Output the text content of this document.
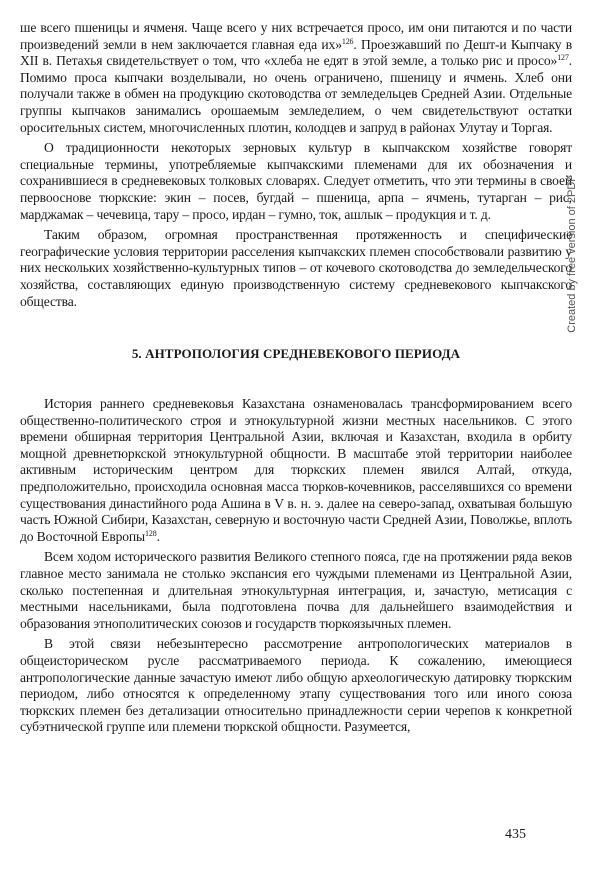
ше всего пшеницы и ячменя. Чаще всего у них встречается просо, им они питаются и по части произведений земли в нем заключается главная еда их»$^{126}$. Проезжавший по Дешт-и Кыпчаку в XII в. Петахья свидетельствует о том, что «хлеба не едят в этой земле, а только рис и просо»$^{127}$. Помимо проса кыпчаки возделывали, но очень ограничено, пшеницу и ячмень. Хлеб они получали также в обмен на продукцию скотоводства от земледельцев Средней Азии. Отдельные группы кыпчаков занимались орошаемым земледелием, о чем свидетельствуют остатки оросительных систем, многочисленных плотин, колодцев и запруд в районах Улутау и Торгая.

О традиционности некоторых зерновых культур в кыпчакском хозяйстве говорят специальные термины, употребляемые кыпчакскими племенами для их обозначения и сохранившиеся в средневековых толковых словарях. Следует отметить, что эти термины в своей первооснове тюркские: экин – посев, бугдай – пшеница, арпа – ячмень, тутарган – рис, марджамак – чечевица, тару – просо, ирдан – гумно, ток, ашлык – продукция и т. д.

Таким образом, огромная пространственная протяженность и специфические географические условия территории расселения кыпчакских племен способствовали развитию у них нескольких хозяйственно-культурных типов – от кочевого скотоводства до земледельческого хозяйства, составляющих единую производственную систему средневекового кыпчакского общества.

5. АНТРОПОЛОГИЯ СРЕДНЕВЕКОВОГО ПЕРИОДА

История раннего средневековья Казахстана ознаменовалась трансформированием всего общественно-политического строя и этнокультурной жизни местных насельников. С этого времени обширная территория Центральной Азии, включая и Казахстан, входила в орбиту мощной древнетюркской этнокультурной общности. В масштабе этой территории наиболее активным историческим центром для тюркских племен явился Алтай, откуда, предположительно, происходила основная масса тюрков-кочевников, расселявшихся со времени существования династийного рода Ашина в V в. н. э. далее на северо-запад, охватывая большую часть Южной Сибири, Казахстан, северную и восточную части Средней Азии, Поволжье, вплоть до Восточной Европы$^{128}$.

Всем ходом исторического развития Великого степного пояса, где на протяжении ряда веков главное место занимала не столько экспансия его чуждыми племенами из Центральной Азии, сколько постепенная и длительная этнокультурная интеграция, и, зачастую, метисация с местными насельниками, была подготовлена почва для дальнейшего взаимодействия и образования этнополитических союзов и государств тюркоязычных племен.

В этой связи небезынтересно рассмотрение антропологических материалов в общеисторическом русле рассматриваемого периода. К сожалению, имеющиеся антропологические данные зачастую имеют либо общую археологическую датировку тюркским периодом, либо относятся к определенному этапу существования того или иного союза тюркских племен без детализации относительно принадлежности серии черепов к конкретной субэтнической группе или племени тюркской общности. Разумеется,

435
Created by free version of 2PDF
